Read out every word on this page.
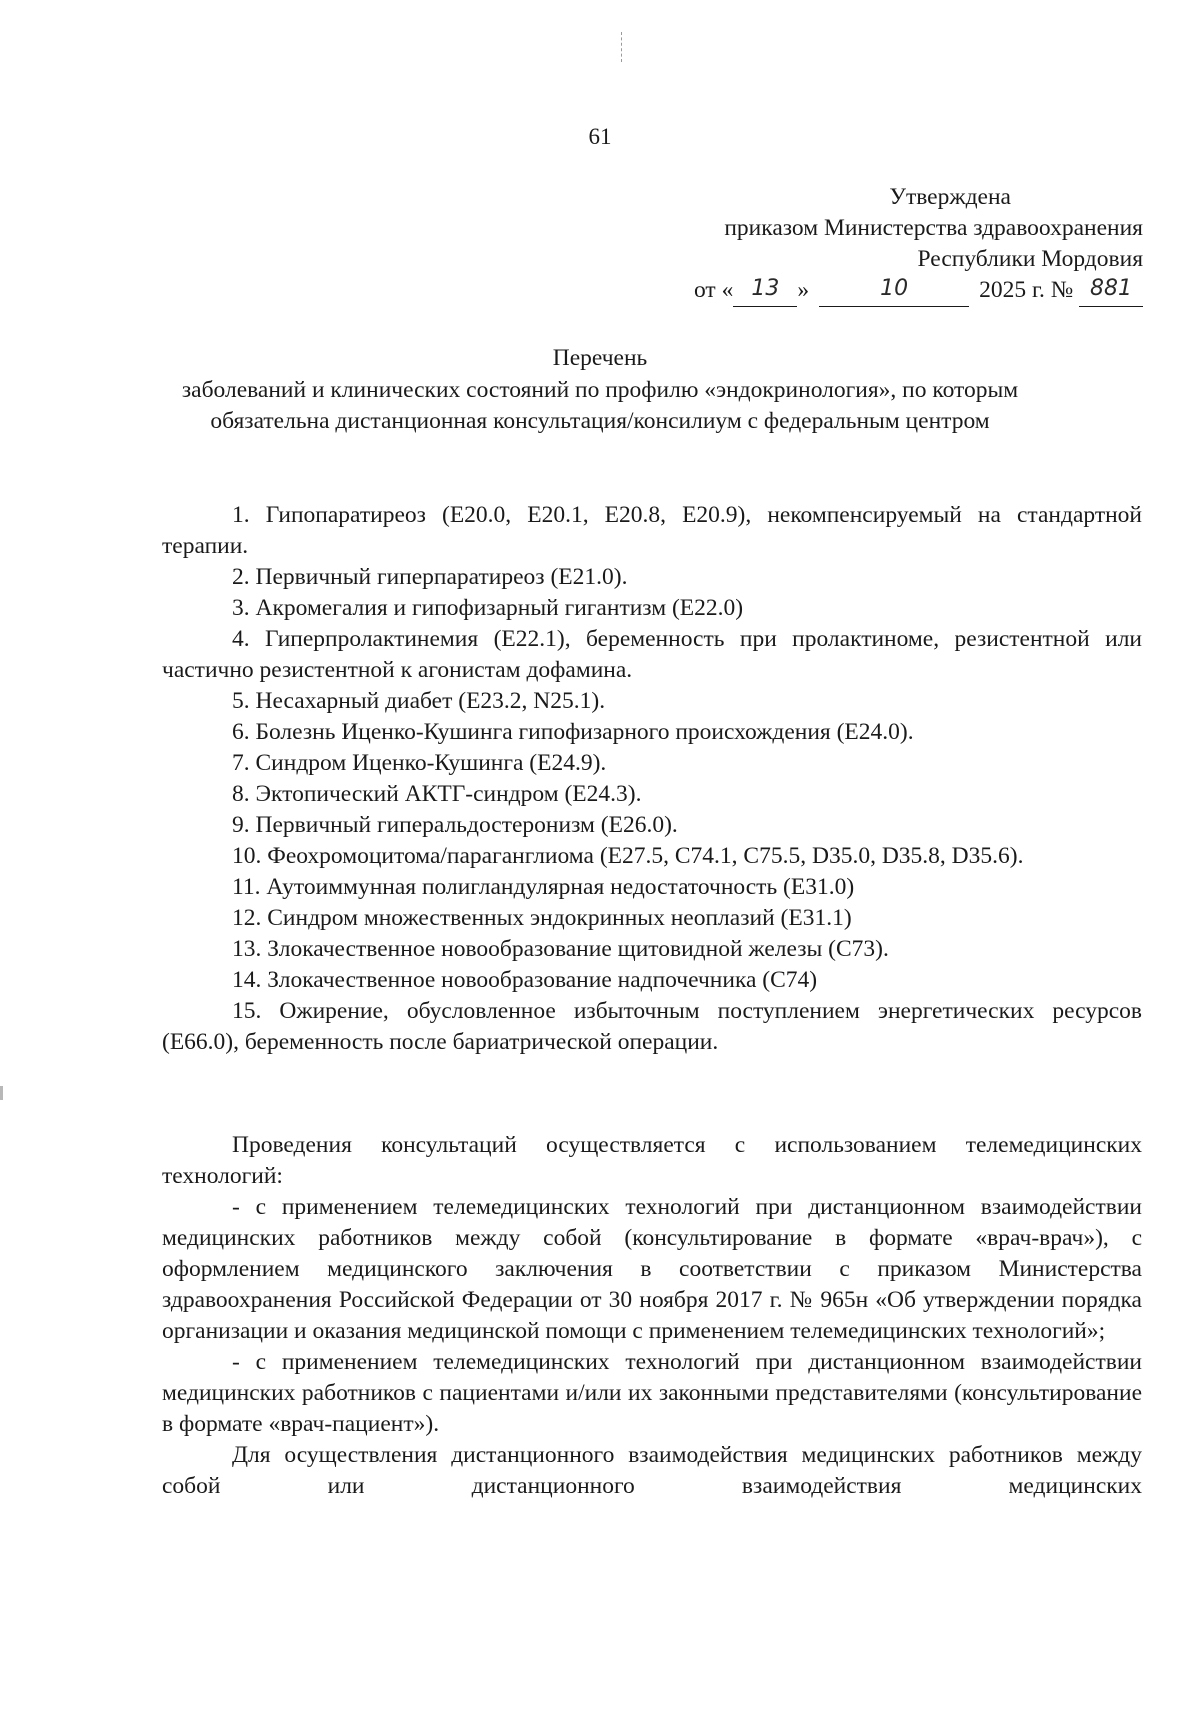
61
Утверждена
приказом Министерства здравоохранения
Республики Мордовия
от « 13 »	10	2025 г. № 881
Перечень
заболеваний и клинических состояний по профилю «эндокринология», по которым обязательна дистанционная консультация/консилиум с федеральным центром

1. Гипопаратиреоз (E20.0, E20.1, E20.8, E20.9), некомпенсируемый на стандартной терапии.

2. Первичный гиперпаратиреоз (E21.0).

3. Акромегалия и гипофизарный гигантизм (E22.0)

4. Гиперпролактинемия (E22.1), беременность при пролактиноме, резистентной или частично резистентной к агонистам дофамина.

5. Несахарный диабет (E23.2, N25.1).

6. Болезнь Иценко-Кушинга гипофизарного происхождения (E24.0).

7. Синдром Иценко-Кушинга (E24.9).

8. Эктопический АКТГ-синдром (E24.3).

9. Первичный гиперальдостеронизм (E26.0).

10. Феохромоцитома/параганглиома (E27.5, C74.1, C75.5, D35.0, D35.8, D35.6).

11. Аутоиммунная полигландулярная недостаточность (E31.0)

12. Синдром множественных эндокринных неоплазий (E31.1)

13. Злокачественное новообразование щитовидной железы (C73).

14. Злокачественное новообразование надпочечника (C74)

15. Ожирение, обусловленное избыточным поступлением энергетических ресурсов (E66.0), беременность после бариатрической операции.

Проведения консультаций осуществляется с использованием телемедицинских технологий:

- с применением телемедицинских технологий при дистанционном взаимодействии медицинских работников между собой (консультирование в формате «врач-врач»), с оформлением медицинского заключения в соответствии с приказом Министерства здравоохранения Российской Федерации от 30 ноября 2017 г. № 965н «Об утверждении порядка организации и оказания медицинской помощи с применением телемедицинских технологий»;

- с применением телемедицинских технологий при дистанционном взаимодействии медицинских работников с пациентами и/или их законными представителями (консультирование в формате «врач-пациент»).

Для осуществления дистанционного взаимодействия медицинских работников между собой или дистанционного взаимодействия медицинских
